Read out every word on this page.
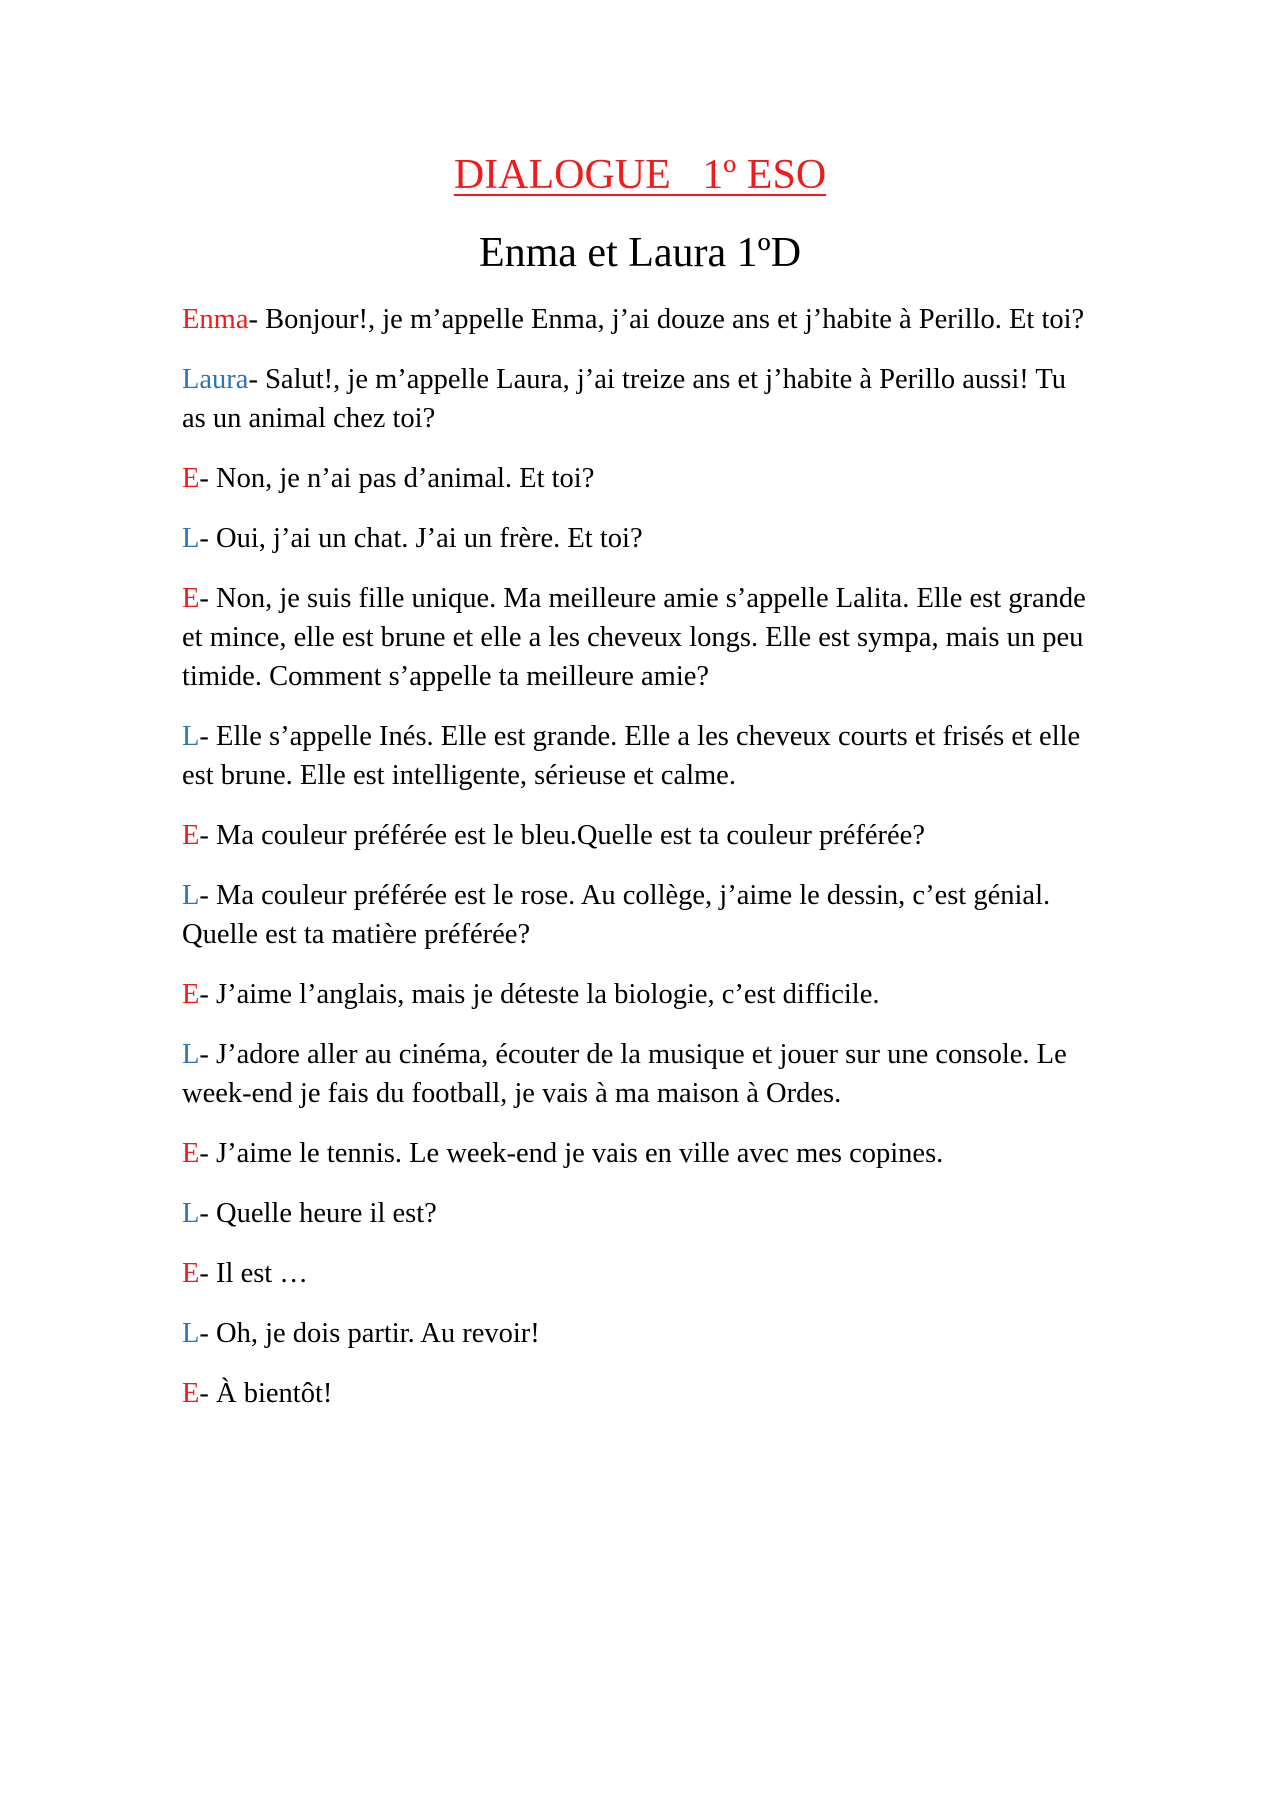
DIALOGUE   1º ESO
Enma et Laura 1ºD

Enma- Bonjour!, je m’appelle Enma, j’ai douze ans et j’habite à Perillo. Et toi?

Laura- Salut!, je m’appelle Laura, j’ai treize ans et j’habite à Perillo aussi! Tu as un animal chez toi?

E- Non, je n’ai pas d’animal. Et toi?

L- Oui, j’ai un chat. J’ai un frère. Et toi?

E- Non, je suis fille unique. Ma meilleure amie s’appelle Lalita. Elle est grande et mince, elle est brune et elle a les cheveux longs. Elle est sympa, mais un peu timide. Comment s’appelle ta meilleure amie?

L- Elle s’appelle Inés. Elle est grande. Elle a les cheveux courts et frisés et elle est brune. Elle est intelligente, sérieuse et calme.

E- Ma couleur préférée est le bleu.Quelle est ta couleur préférée?

L- Ma couleur préférée est le rose. Au collège, j’aime le dessin, c’est génial. Quelle est ta matière préférée?

E- J’aime l’anglais, mais je déteste la biologie, c’est difficile.

L- J’adore aller au cinéma, écouter de la musique et jouer sur une console. Le week-end je fais du football, je vais à ma maison à Ordes.

E- J’aime le tennis. Le week-end je vais en ville avec mes copines.

L- Quelle heure il est?

E- Il est …

L- Oh, je dois partir. Au revoir!

E- À bientôt!
